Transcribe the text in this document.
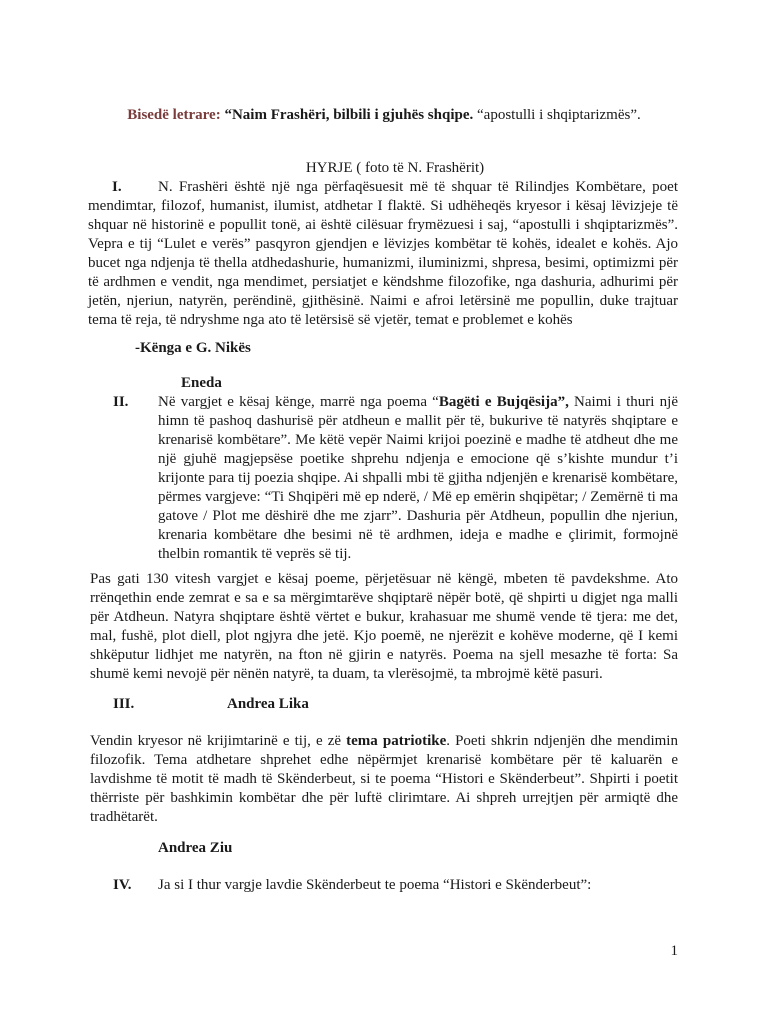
Bisedë letrare: “Naim Frashëri, bilbili i gjuhës shqipe. “apostulli i shqiptarizmës”.
HYRJE ( foto të N. Frashërit)
I. N. Frashëri është një nga përfaqësuesit më të shquar të Rilindjes Kombëtare, poet mendimtar, filozof, humanist, ilumist, atdhetar I flaktë. Si udhëheqës kryesor i kësaj lëvizjeje të shquar në historinë e popullit tonë, ai është cilësuar frymëzuesi i saj, “apostulli i shqiptarizmës”. Vepra e tij “Lulet e verës” pasqyron gjendjen e lëvizjes kombëtar të kohës, idealet e kohës. Ajo bucet nga ndjenja të thella atdhedashurie, humanizmi, iluminizmi, shpresa, besimi, optimizmi për të ardhmen e vendit, nga mendimet, persiatjet e këndshme filozofike, nga dashuria, adhurimi për jetën, njeriun, natyrën, perëndinë, gjithësinë. Naimi e afroi letërsinë me popullin, duke trajtuar tema të reja, të ndryshme nga ato të letërsisë së vjetër, temat e problemet e kohës
-Kënga e G. Nikës
Eneda
II. Në vargjet e kësaj kënge, marrë nga poema “Bagëti e Bujqësija”, Naimi i thuri një himn të pashoq dashurisë për atdheun e mallit për të, bukurive të natyrës shqiptare e krenarisë kombëtare”. Me këtë vepër Naimi krijoi poezinë e madhe të atdheut dhe me një gjuhë magjepsëse poetike shprehu ndjenja e emocione që s’kishte mundur t’i krijonte para tij poezia shqipe. Ai shpalli mbi të gjitha ndjenjën e krenarisë kombëtare, përmes vargjeve: “Ti Shqipëri më ep nderë, / Më ep emërin shqipëtar; / Zemërnë ti ma gatove / Plot me dëshirë dhe me zjarr”. Dashuria për Atdheun, popullin dhe njeriun, krenaria kombëtare dhe besimi në të ardhmen, ideja e madhe e çlirimit, formojnë thelbin romantik të veprës së tij.
Pas gati 130 vitesh vargjet e kësaj poeme, përjetësuar në këngë, mbeten të pavdekshme. Ato rrënqethin ende zemrat e sa e sa mërgimtarëve shqiptarë nëpër botë, që shpirti u digjet nga malli për Atdheun. Natyra shqiptare është vërtet e bukur, krahasuar me shumë vende të tjera: me det, mal, fushë, plot diell, plot ngjyra dhe jetë. Kjo poemë, ne njerëzit e kohëve moderne, që I kemi shkëputur lidhjet me natyrën, na fton në gjirin e natyrës. Poema na sjell mesazhe të forta: Sa shumë kemi nevojë për nënën natyrë, ta duam, ta vlerësojmë, ta mbrojmë këtë pasuri.
III.	Andrea Lika
Vendin kryesor në krijimtarinë e tij, e zë tema patriotike. Poeti shkrin ndjenjën dhe mendimin filozofik. Tema atdhetare shprehet edhe nëpërmjet krenarisë kombëtare për të kaluarën e lavdishme të motit të madh të Skënderbeut, si te poema “Histori e Skënderbeut”. Shpirti i poetit thërriste për bashkimin kombëtar dhe për luftë clirimtare. Ai shpreh urrejtjen për armiqtë dhe tradhëtarët.
Andrea Ziu
IV. Ja si I thur vargje lavdie Skënderbeut te poema “Histori e Skënderbeut”:
1
